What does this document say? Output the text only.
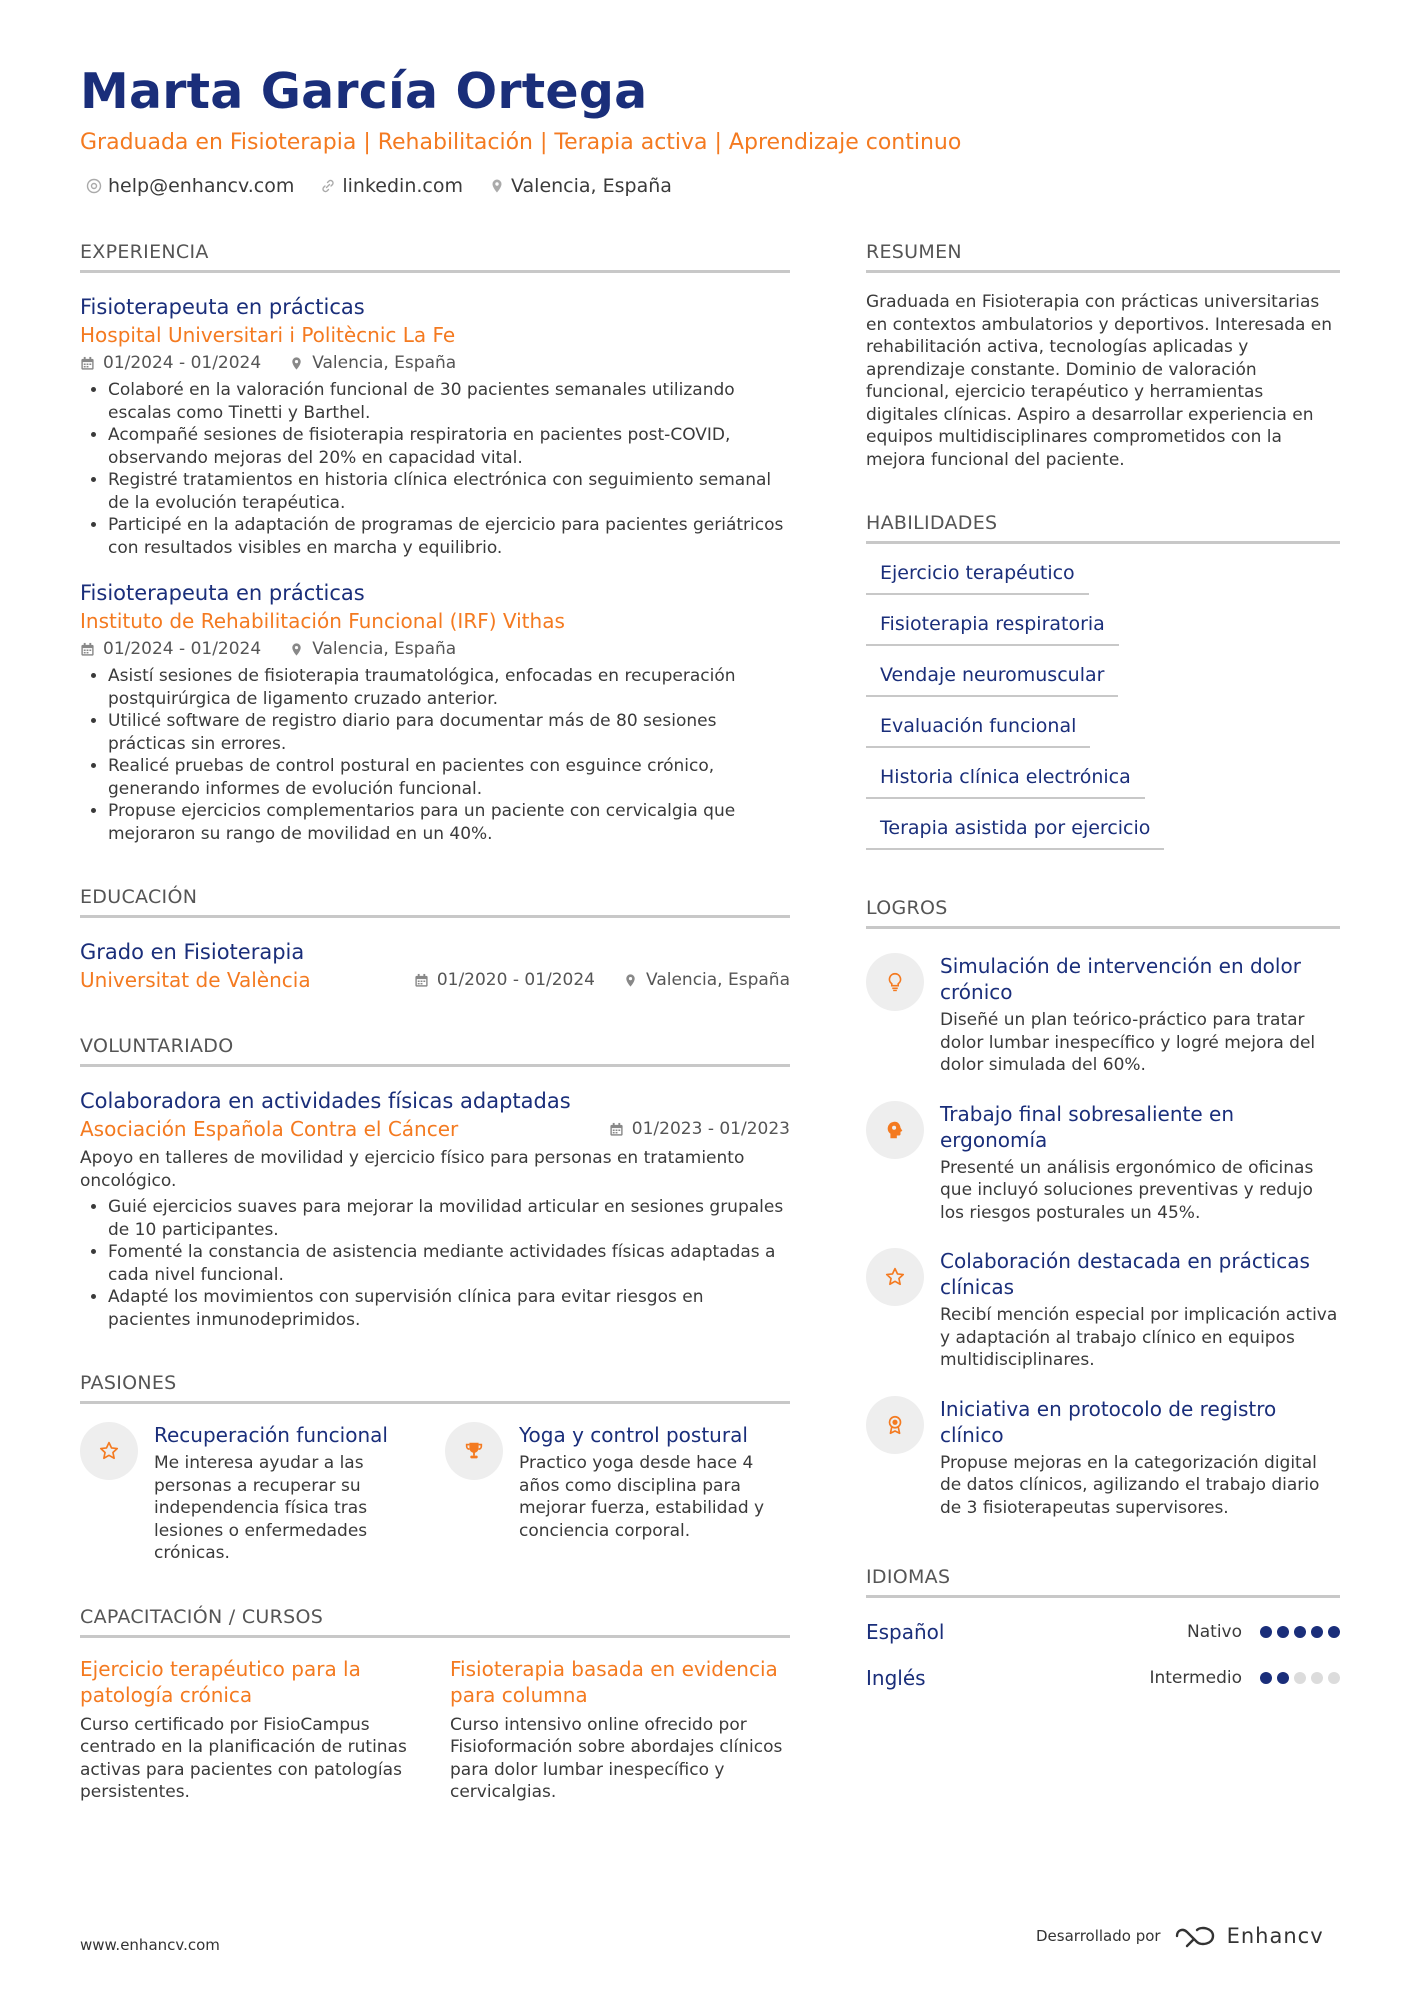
Marta García Ortega
Graduada en Fisioterapia | Rehabilitación | Terapia activa | Aprendizaje continuo
help@enhancv.com	linkedin.com	Valencia, España
EXPERIENCIA
Fisioterapeuta en prácticas
Hospital Universitari i Politècnic La Fe
01/2024 - 01/2024	Valencia, España
• Colaboré en la valoración funcional de 30 pacientes semanales utilizando escalas como Tinetti y Barthel.
• Acompañé sesiones de fisioterapia respiratoria en pacientes post-COVID, observando mejoras del 20% en capacidad vital.
• Registré tratamientos en historia clínica electrónica con seguimiento semanal de la evolución terapéutica.
• Participé en la adaptación de programas de ejercicio para pacientes geriátricos con resultados visibles en marcha y equilibrio.
Fisioterapeuta en prácticas
Instituto de Rehabilitación Funcional (IRF) Vithas
01/2024 - 01/2024	Valencia, España
• Asistí sesiones de fisioterapia traumatológica, enfocadas en recuperación postquirúrgica de ligamento cruzado anterior.
• Utilicé software de registro diario para documentar más de 80 sesiones prácticas sin errores.
• Realicé pruebas de control postural en pacientes con esguince crónico, generando informes de evolución funcional.
• Propuse ejercicios complementarios para un paciente con cervicalgia que mejoraron su rango de movilidad en un 40%.
EDUCACIÓN
Grado en Fisioterapia
Universitat de València	01/2020 - 01/2024	Valencia, España
VOLUNTARIADO
Colaboradora en actividades físicas adaptadas
Asociación Española Contra el Cáncer	01/2023 - 01/2023
Apoyo en talleres de movilidad y ejercicio físico para personas en tratamiento oncológico.
• Guié ejercicios suaves para mejorar la movilidad articular en sesiones grupales de 10 participantes.
• Fomenté la constancia de asistencia mediante actividades físicas adaptadas a cada nivel funcional.
• Adapté los movimientos con supervisión clínica para evitar riesgos en pacientes inmunodeprimidos.
PASIONES
Recuperación funcional
Me interesa ayudar a las personas a recuperar su independencia física tras lesiones o enfermedades crónicas.
Yoga y control postural
Practico yoga desde hace 4 años como disciplina para mejorar fuerza, estabilidad y conciencia corporal.
CAPACITACIÓN / CURSOS
Ejercicio terapéutico para la patología crónica
Curso certificado por FisioCampus centrado en la planificación de rutinas activas para pacientes con patologías persistentes.
Fisioterapia basada en evidencia para columna
Curso intensivo online ofrecido por Fisioformación sobre abordajes clínicos para dolor lumbar inespecífico y cervicalgias.
RESUMEN
Graduada en Fisioterapia con prácticas universitarias en contextos ambulatorios y deportivos. Interesada en rehabilitación activa, tecnologías aplicadas y aprendizaje constante. Dominio de valoración funcional, ejercicio terapéutico y herramientas digitales clínicas. Aspiro a desarrollar experiencia en equipos multidisciplinares comprometidos con la mejora funcional del paciente.
HABILIDADES
Ejercicio terapéutico
Fisioterapia respiratoria
Vendaje neuromuscular
Evaluación funcional
Historia clínica electrónica
Terapia asistida por ejercicio
LOGROS
Simulación de intervención en dolor crónico
Diseñé un plan teórico-práctico para tratar dolor lumbar inespecífico y logré mejora del dolor simulada del 60%.
Trabajo final sobresaliente en ergonomía
Presenté un análisis ergonómico de oficinas que incluyó soluciones preventivas y redujo los riesgos posturales un 45%.
Colaboración destacada en prácticas clínicas
Recibí mención especial por implicación activa y adaptación al trabajo clínico en equipos multidisciplinares.
Iniciativa en protocolo de registro clínico
Propuse mejoras en la categorización digital de datos clínicos, agilizando el trabajo diario de 3 fisioterapeutas supervisores.
IDIOMAS
Español	Nativo
Inglés	Intermedio
www.enhancv.com	Desarrollado por	Enhancv
